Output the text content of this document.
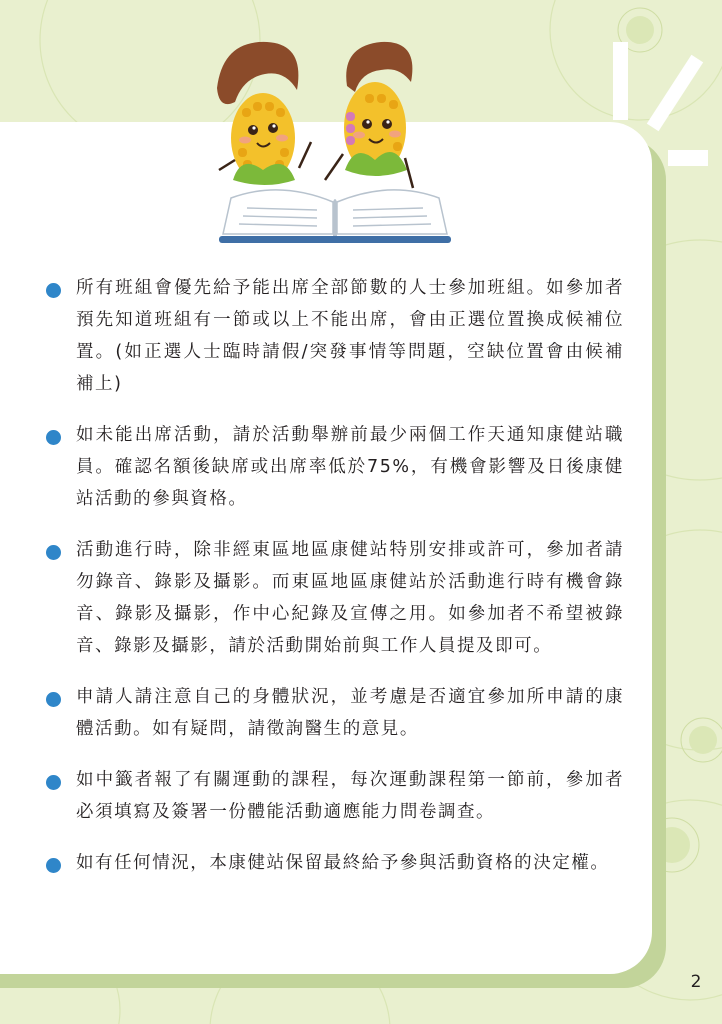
所有班組會優先給予能出席全部節數的人士參加班組。如參加者預先知道班組有一節或以上不能出席，會由正選位置換成候補位置。(如正選人士臨時請假/突發事情等問題，空缺位置會由候補補上)
如未能出席活動，請於活動舉辦前最少兩個工作天通知康健站職員。確認名額後缺席或出席率低於75%，有機會影響及日後康健站活動的參與資格。
活動進行時，除非經東區地區康健站特別安排或許可，參加者請勿錄音、錄影及攝影。而東區地區康健站於活動進行時有機會錄音、錄影及攝影，作中心紀錄及宣傳之用。如參加者不希望被錄音、錄影及攝影，請於活動開始前與工作人員提及即可。
申請人請注意自己的身體狀況，並考慮是否適宜參加所申請的康體活動。如有疑問，請徵詢醫生的意見。
如中籤者報了有關運動的課程，每次運動課程第一節前，參加者必須填寫及簽署一份體能活動適應能力問卷調查。
如有任何情況，本康健站保留最終給予參與活動資格的決定權。
2
